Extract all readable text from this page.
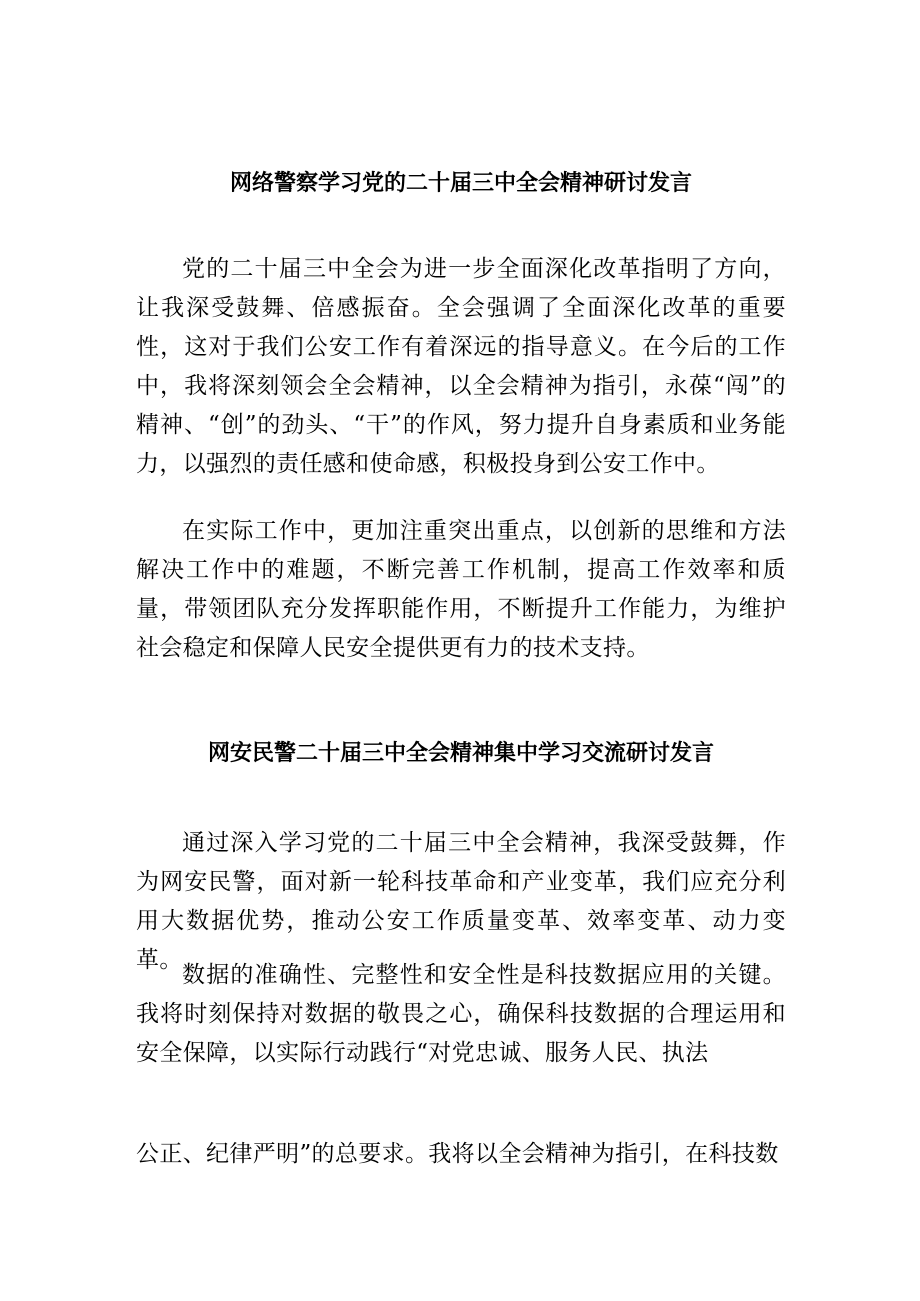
网络警察学习党的二十届三中全会精神研讨发言

党的二十届三中全会为进一步全面深化改革指明了方向，让我深受鼓舞、倍感振奋。全会强调了全面深化改革的重要性，这对于我们公安工作有着深远的指导意义。在今后的工作中，我将深刻领会全会精神，以全会精神为指引，永葆“闯”的精神、“创”的劲头、“干”的作风，努力提升自身素质和业务能力，以强烈的责任感和使命感，积极投身到公安工作中。

在实际工作中，更加注重突出重点，以创新的思维和方法解决工作中的难题，不断完善工作机制，提高工作效率和质量，带领团队充分发挥职能作用，不断提升工作能力，为维护社会稳定和保障人民安全提供更有力的技术支持。

网安民警二十届三中全会精神集中学习交流研讨发言

通过深入学习党的二十届三中全会精神，我深受鼓舞，作为网安民警，面对新一轮科技革命和产业变革，我们应充分利用大数据优势，推动公安工作质量变革、效率变革、动力变革。

数据的准确性、完整性和安全性是科技数据应用的关键。我将时刻保持对数据的敬畏之心，确保科技数据的合理运用和安全保障，以实际行动践行“对党忠诚、服务人民、执法

公正、纪律严明”的总要求。我将以全会精神为指引，在科技数
